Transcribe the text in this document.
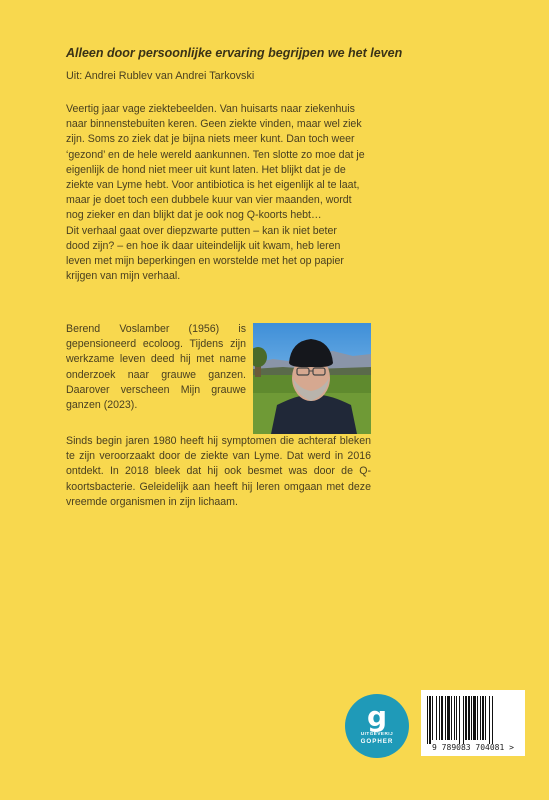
Alleen door persoonlijke ervaring begrijpen we het leven
Uit: Andrei Rublev van Andrei Tarkovski

Veertig jaar vage ziektebeelden. Van huisarts naar ziekenhuis

naar binnenstebuiten keren. Geen ziekte vinden, maar wel ziek

zijn. Soms zo ziek dat je bijna niets meer kunt. Dan toch weer

‘gezond’ en de hele wereld aankunnen. Ten slotte zo moe dat je

eigenlijk de hond niet meer uit kunt laten. Het blijkt dat je de

ziekte van Lyme hebt. Voor antibiotica is het eigenlijk al te laat,

maar je doet toch een dubbele kuur van vier maanden, wordt

nog zieker en dan blijkt dat je ook nog Q-koorts hebt…

Dit verhaal gaat over diepzwarte putten – kan ik niet beter

dood zijn? – en hoe ik daar uiteindelijk uit kwam, heb leren

leven met mijn beperkingen en worstelde met het op papier

krijgen van mijn verhaal.

Berend Voslamber (1956) is gepensioneerd ecoloog. Tijdens zijn werkzame leven deed hij met name onderzoek naar grauwe ganzen. Daarover verscheen Mijn grauwe ganzen (2023).
Sinds begin jaren 1980 heeft hij symptomen die achteraf bleken te zijn veroorzaakt door de ziekte van Lyme. Dat werd in 2016 ontdekt. In 2018 bleek dat hij ook besmet was door de Q-koortsbacterie. Geleidelijk aan heeft hij leren omgaan met deze vreemde organismen in zijn lichaam.
g
UITGEVERIJ
GOPHER
9 789083 704081 >
